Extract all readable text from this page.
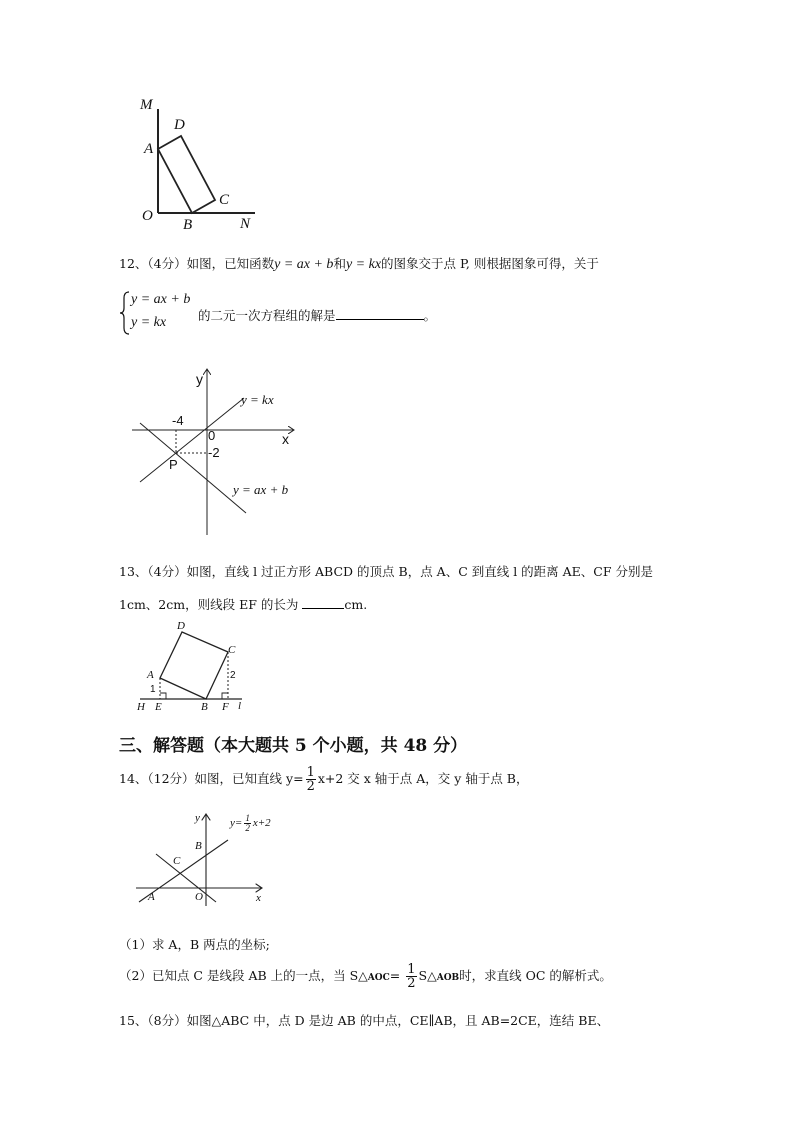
M
D
A
C
O
B	N
12、（4分）如图，已知函数y = ax + b和y = kx的图象交于点 P, 则根据图象可得，关于
y = ax + b
y = kx	的二元一次方程组的解是	。
y
x
-4
0
-2
P
y = kx
y = ax + b
13、（4分）如图，直线 l 过正方形 ABCD 的顶点 B，点 A、C 到直线 l 的距离 AE、CF 分别是
1cm、2cm，则线段 EF 的长为	cm.
D
C
A
1
2
H E	B F l
三、解答题（本大题共 5 个小题，共 48 分）
14、（12分）如图，已知直线 $y= \frac{1}{2} x+2$ 交 x 轴于点 A，交 y 轴于点 B，
y	$y= \frac{1}{2} x+2$
B
C
A	O	x
（1）求 A，B 两点的坐标;
（2）已知点 C 是线段 AB 上的一点，当 S△AOC= $\frac{1}{2}$ S△AOB时，求直线 OC 的解析式。
15、（8分）如图△ABC 中，点 D 是边 AB 的中点，CE∥AB，且 AB=2CE，连结 BE、
